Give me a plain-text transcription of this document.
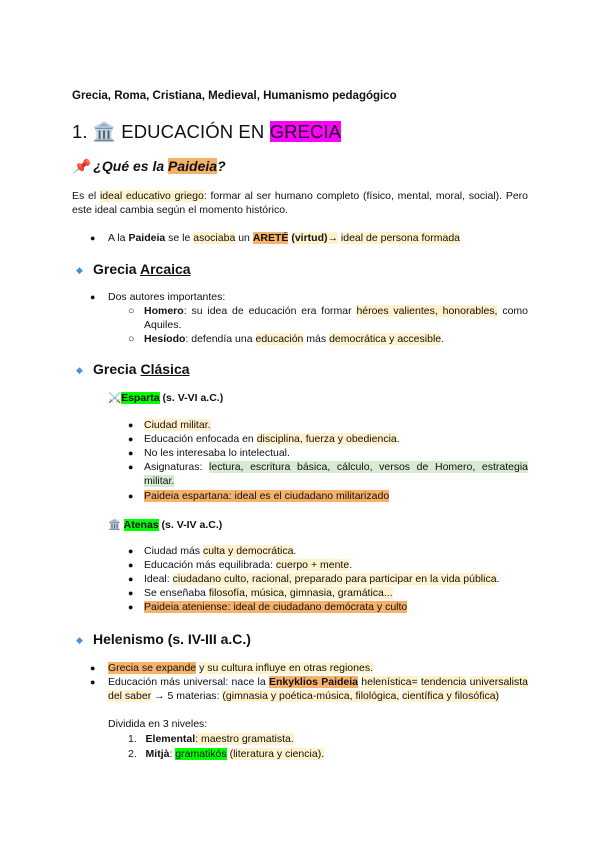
Grecia, Roma, Cristiana, Medieval, Humanismo pedagógico
1. 🏛️ EDUCACIÓN EN GRECIA
📌 ¿Qué es la Paideia?
Es el ideal educativo griego: formar al ser humano completo (físico, mental, moral, social). Pero este ideal cambia según el momento histórico.
● A la Paideia se le asociaba un ARETÉ (virtud)→ ideal de persona formada
◆ Grecia Arcaica
● Dos autores importantes:
○ Homero: su idea de educación era formar héroes valientes, honorables, como Aquiles.
○ Hesíodo: defendía una educación más democrática y accesible.
◆ Grecia Clásica
⚔️Esparta (s. V-VI a.C.)
● Ciudad militar.
● Educación enfocada en disciplina, fuerza y obediencia.
● No les interesaba lo intelectual.
● Asignaturas: lectura, escritura básica, cálculo, versos de Homero, estrategia militar.
● Paideia espartana: ideal es el ciudadano militarizado
🏛️ Atenas (s. V-IV a.C.)
● Ciudad más culta y democrática.
● Educación más equilibrada: cuerpo + mente.
● Ideal: ciudadano culto, racional, preparado para participar en la vida pública.
● Se enseñaba filosofía, música, gimnasia, gramática...
● Paideia ateniense: ideal de ciudadano demócrata y culto
◆ Helenismo (s. IV-III a.C.)
● Grecia se expande y su cultura influye en otras regiones.
● Educación más universal: nace la Enkyklios Paideia helenística= tendencia universalista del saber → 5 materias: (gimnasia y poética-música, filológica, científica y filosófica)
Dividida en 3 niveles:
1. Elemental: maestro gramatista.
2. Mitjà: gramatikós (literatura y ciencia).
